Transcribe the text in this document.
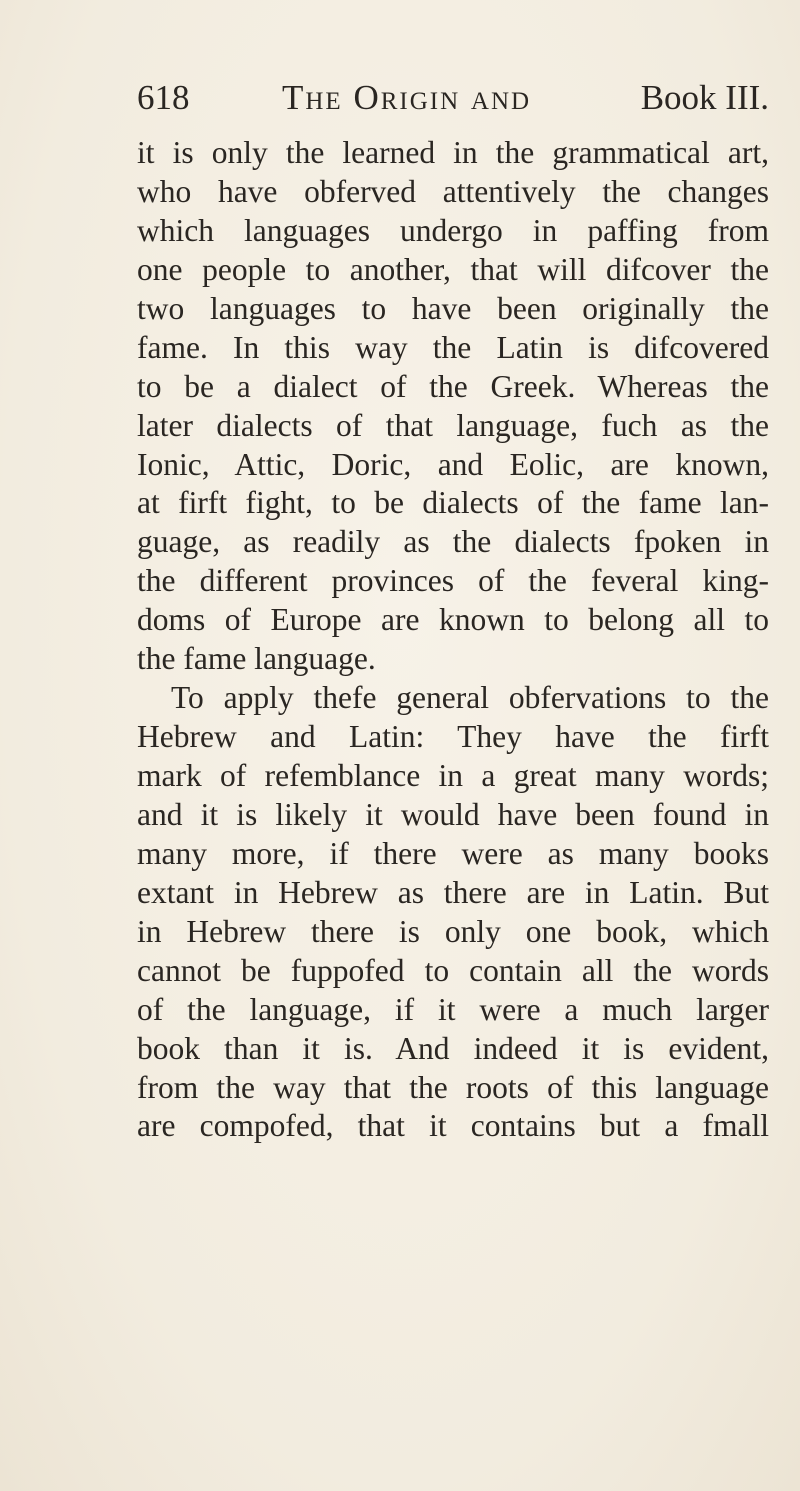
618	The Origin and	Book III.
it is only the learned in the grammatical art,
who have obferved attentively the changes
which languages undergo in paffing from
one people to another, that will difcover the
two languages to have been originally the
fame. In this way the Latin is difcovered
to be a dialect of the Greek. Whereas the
later dialects of that language, fuch as the
Ionic, Attic, Doric, and Eolic, are known,
at firft fight, to be dialects of the fame lan-
guage, as readily as the dialects fpoken in
the different provinces of the feveral king-
doms of Europe are known to belong all to
the fame language.
To apply thefe general obfervations to the
Hebrew and Latin: They have the firft
mark of refemblance in a great many words;
and it is likely it would have been found in
many more, if there were as many books
extant in Hebrew as there are in Latin. But
in Hebrew there is only one book, which
cannot be fuppofed to contain all the words
of the language, if it were a much larger
book than it is. And indeed it is evident,
from the way that the roots of this language
are compofed, that it contains but a fmall
